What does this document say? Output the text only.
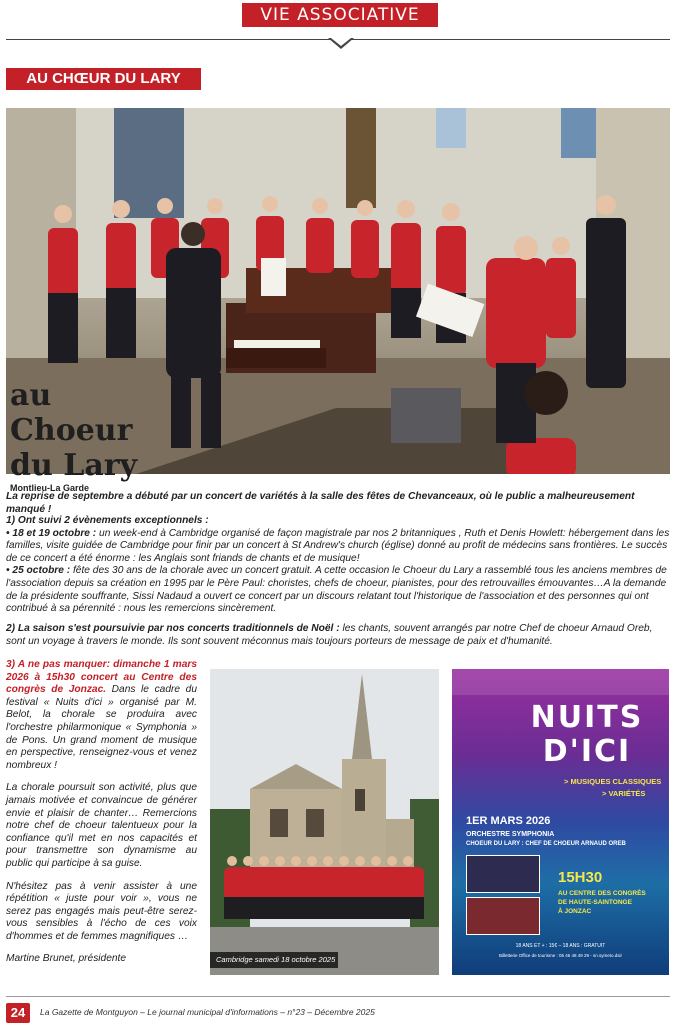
VIE ASSOCIATIVE
AU CHŒUR DU LARY
au Choeur
du Lary
Montlieu-La Garde
La reprise de septembre a débuté par un concert de variétés à la salle des fêtes de Chevanceaux, où le public a malheureusement manqué !
1) Ont suivi 2 évènements exceptionnels :
• 18 et 19 octobre : un week-end à Cambridge organisé de façon magistrale par nos 2 britanniques , Ruth et Denis Howlett: hébergement dans les familles, visite guidée de Cambridge pour finir par un concert à St Andrew's church (église) donné au profit de médecins sans frontières. Le succès de ce concert a été énorme : les Anglais sont friands de chants et de musique!
• 25 octobre : fête des 30 ans de la chorale avec un concert gratuit. A cette occasion le Choeur du Lary a rassemblé tous les anciens membres de l'association depuis sa création en 1995 par le Père Paul: choristes, chefs de choeur, pianistes, pour des retrouvailles émouvantes…A la demande de la présidente souffrante, Sissi Nadaud a ouvert ce concert par un discours relatant tout l'historique de l'association et des personnes qui ont contribué à sa pérennité : nous les remercions sincèrement.
2) La saison s'est poursuivie par nos concerts traditionnels de Noël : les chants, souvent arrangés par notre Chef de choeur Arnaud Oreb, sont un voyage à travers le monde. Ils sont souvent méconnus mais toujours porteurs de message de paix et d'humanité.
3) A ne pas manquer: dimanche 1 mars 2026 à 15h30 concert au Centre des congrès de Jonzac. Dans le cadre du festival « Nuits d'ici » organisé par M. Belot, la chorale se produira avec l'orchestre philarmonique « Symphonia » de Pons. Un grand moment de musique en perspective, renseignez-vous et venez nombreux !
La chorale poursuit son activité, plus que jamais motivée et convaincue de générer envie et plaisir de chanter… Remercions notre chef de choeur talentueux pour la confiance qu'il met en nos capacités et pour transmettre son dynamisme au public qui participe à sa guise.
N'hésitez pas à venir assister à une répétition « juste pour voir », vous ne serez pas engagés mais peut-être serez-vous sensibles à l'écho de ces voix d'hommes et de femmes magnifiques …
Martine Brunet, présidente	Cambridge samedi 18 octobre 2025
NUITS
D'ICI
> MUSIQUES CLASSIQUES
> VARIÉTÉS
1ER MARS 2026
ORCHESTRE SYMPHONIA
CHOEUR DU LARY : CHEF DE CHOEUR ARNAUD OREB
15H30
AU CENTRE DES CONGRÈS
DE HAUTE-SAINTONGE
À JONZAC
18 ANS ET + : 15€ – 18 ANS : GRATUIT
Billetterie Office de tourisme : 05 46 48 49 29 - sn.symeto.dsir
24	La Gazette de Montguyon – Le journal municipal d'informations – n°23 – Décembre 2025
